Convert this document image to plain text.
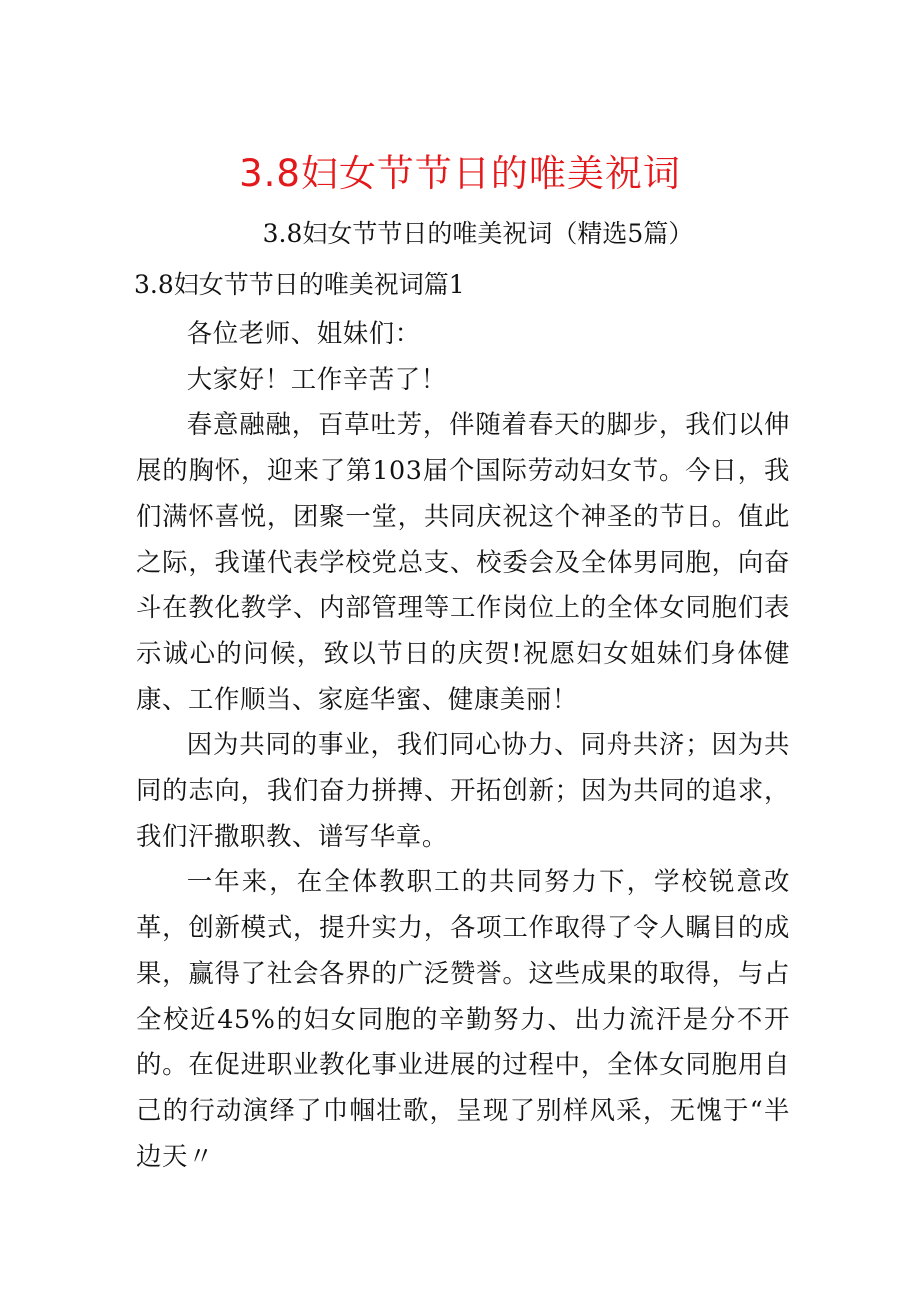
3.8妇女节节日的唯美祝词
3.8妇女节节日的唯美祝词（精选5篇）
3.8妇女节节日的唯美祝词篇1

各位老师、姐妹们：

大家好！工作辛苦了！

春意融融，百草吐芳，伴随着春天的脚步，我们以伸展的胸怀，迎来了第103届个国际劳动妇女节。今日，我们满怀喜悦，团聚一堂，共同庆祝这个神圣的节日。值此之际，我谨代表学校党总支、校委会及全体男同胞，向奋斗在教化教学、内部管理等工作岗位上的全体女同胞们表示诚心的问候，致以节日的庆贺!祝愿妇女姐妹们身体健康、工作顺当、家庭华蜜、健康美丽！

因为共同的事业，我们同心协力、同舟共济；因为共同的志向，我们奋力拼搏、开拓创新；因为共同的追求，我们汗撒职教、谱写华章。

一年来，在全体教职工的共同努力下，学校锐意改革，创新模式，提升实力，各项工作取得了令人瞩目的成果，赢得了社会各界的广泛赞誉。这些成果的取得，与占全校近45%的妇女同胞的辛勤努力、出力流汗是分不开的。在促进职业教化事业进展的过程中，全体女同胞用自己的行动演绎了巾帼壮歌，呈现了别样风采，无愧于“半边天〃
